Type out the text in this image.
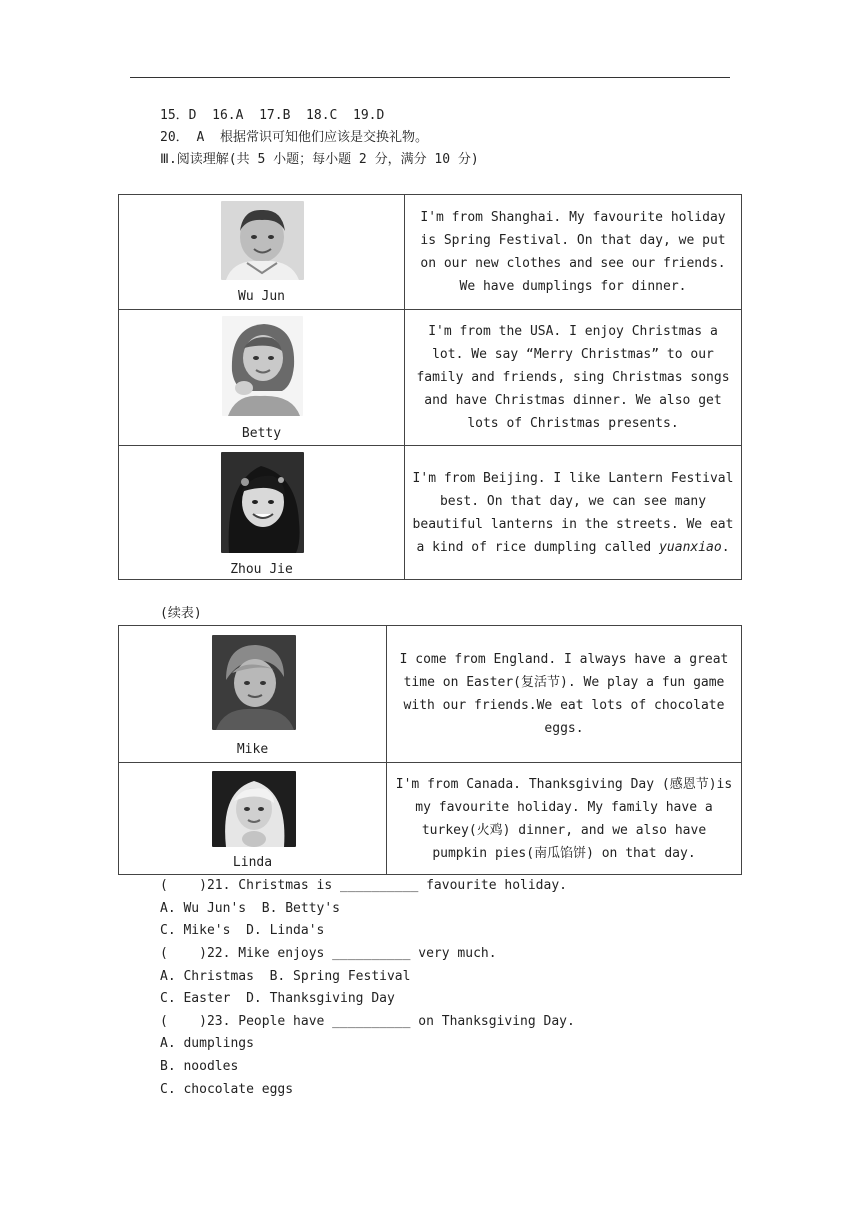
15．D  16.A  17.B  18.C  19.D
20． A  根据常识可知他们应该是交换礼物。
Ⅲ.阅读理解(共 5 小题；每小题 2 分，满分 10 分)
Wu Jun
I'm from Shanghai. My favourite holiday is Spring Festival. On that day, we put on our new clothes and see our friends. We have dumplings for dinner.
Betty
I'm from the USA. I enjoy Christmas a lot. We say “Merry Christmas” to our family and friends, sing Christmas songs and have Christmas dinner. We also get lots of Christmas presents.
Zhou Jie
I'm from Beijing. I like Lantern Festival best. On that day, we can see many beautiful lanterns in the streets. We eat a kind of rice dumpling called yuanxiao.
(续表)
Mike
I come from England. I always have a great time on Easter(复活节). We play a fun game with our friends.We eat lots of chocolate eggs.
Linda
I'm from Canada. Thanksgiving Day (感恩节)is my favourite holiday. My family have a turkey(火鸡) dinner, and we also have pumpkin pies(南瓜馅饼) on that day.
(    )21. Christmas is __________ favourite holiday.
A. Wu Jun's  B. Betty's
C. Mike's  D. Linda's
(    )22. Mike enjoys __________ very much.
A. Christmas  B. Spring Festival
C. Easter  D. Thanksgiving Day
(    )23. People have __________ on Thanksgiving Day.
A. dumplings
B. noodles
C. chocolate eggs
